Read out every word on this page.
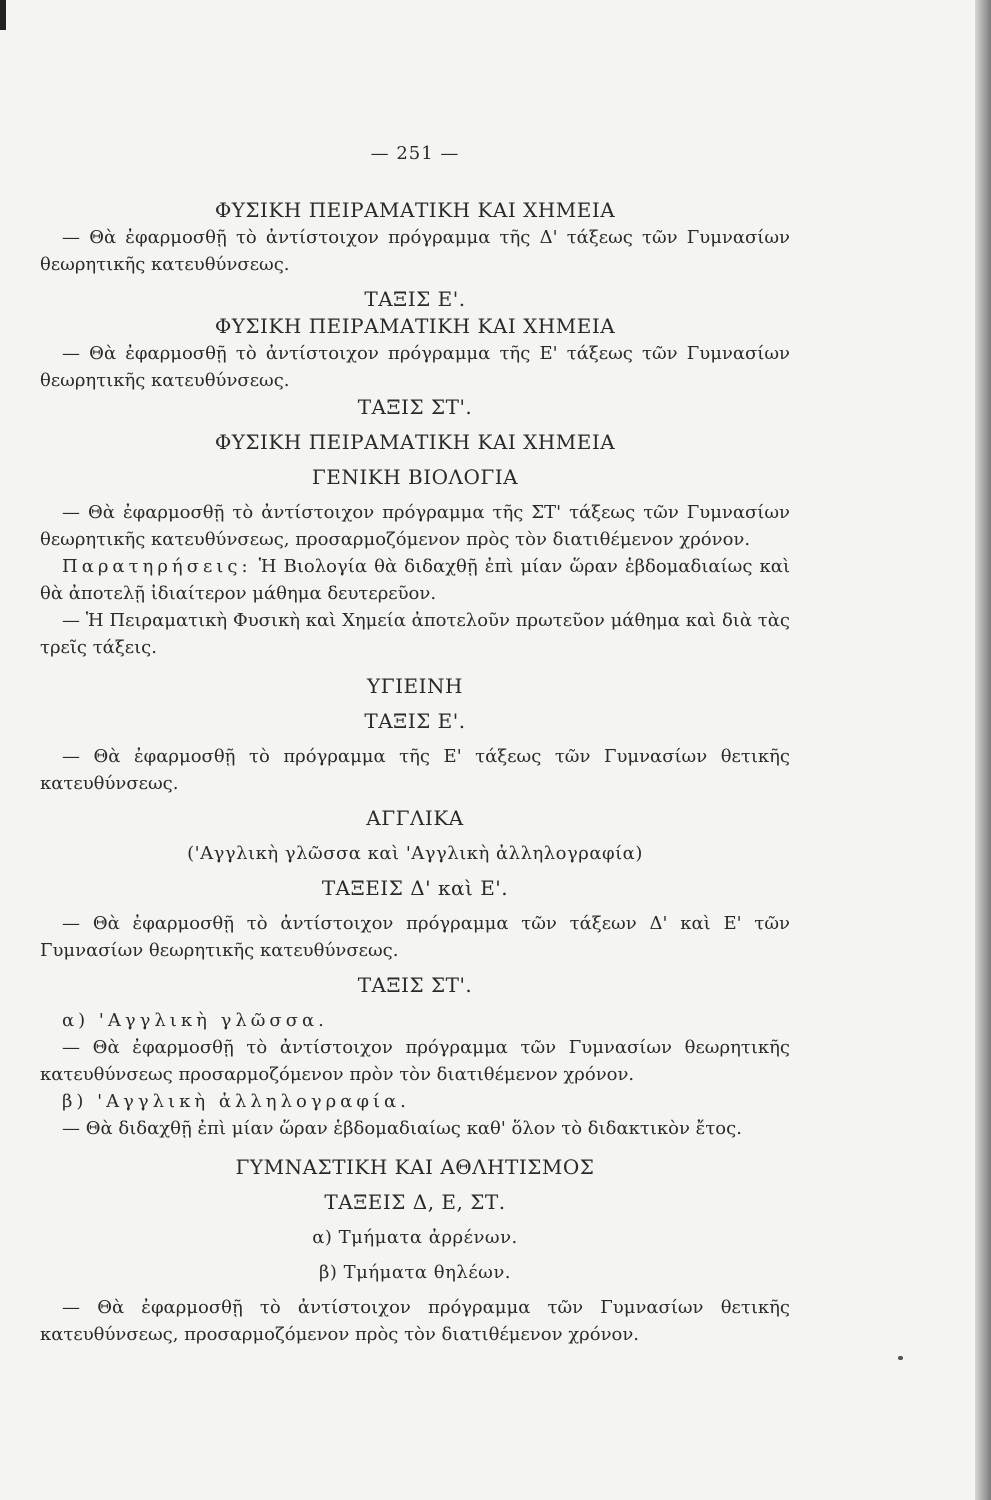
— 251 —

ΦΥΣΙΚΗ ΠΕΙΡΑΜΑΤΙΚΗ ΚΑΙ ΧΗΜΕΙΑ

— Θὰ ἐφαρμοσθῇ τὸ ἀντίστοιχον πρόγραμμα τῆς Δ' τάξεως τῶν Γυμνασίων θεωρητικῆς κατευθύνσεως.

ΤΑΞΙΣ Ε'.

ΦΥΣΙΚΗ ΠΕΙΡΑΜΑΤΙΚΗ ΚΑΙ ΧΗΜΕΙΑ

— Θὰ ἐφαρμοσθῇ τὸ ἀντίστοιχον πρόγραμμα τῆς Ε' τάξεως τῶν Γυμνασίων θεωρητικῆς κατευθύνσεως.

ΤΑΞΙΣ ΣΤ'.

ΦΥΣΙΚΗ ΠΕΙΡΑΜΑΤΙΚΗ ΚΑΙ ΧΗΜΕΙΑ

ΓΕΝΙΚΗ ΒΙΟΛΟΓΙΑ

— Θὰ ἐφαρμοσθῇ τὸ ἀντίστοιχον πρόγραμμα τῆς ΣΤ' τάξεως τῶν Γυμνασίων θεωρητικῆς κατευθύνσεως, προσαρμοζόμενον πρὸς τὸν διατιθέμενον χρόνον.

Παρατηρήσεις: Ἡ Βιολογία θὰ διδαχθῇ ἐπὶ μίαν ὥραν ἑβδομαδιαίως καὶ θὰ ἀποτελῇ ἰδιαίτερον μάθημα δευτερεῦον.

— Ἡ Πειραματικὴ Φυσικὴ καὶ Χημεία ἀποτελοῦν πρωτεῦον μάθημα καὶ διὰ τὰς τρεῖς τάξεις.

ΥΓΙΕΙΝΗ

ΤΑΞΙΣ Ε'.

— Θὰ ἐφαρμοσθῇ τὸ πρόγραμμα τῆς Ε' τάξεως τῶν Γυμνασίων θετικῆς κατευθύνσεως.

ΑΓΓΛΙΚΑ

('Αγγλικὴ γλῶσσα καὶ 'Αγγλικὴ ἀλληλογραφία)

ΤΑΞΕΙΣ Δ' καὶ Ε'.

— Θὰ ἐφαρμοσθῇ τὸ ἀντίστοιχον πρόγραμμα τῶν τάξεων Δ' καὶ Ε' τῶν Γυμνασίων θεωρητικῆς κατευθύνσεως.

ΤΑΞΙΣ ΣΤ'.

α) 'Αγγλικὴ γλῶσσα.

— Θὰ ἐφαρμοσθῇ τὸ ἀντίστοιχον πρόγραμμα τῶν Γυμνασίων θεωρητικῆς κατευθύνσεως προσαρμοζόμενον πρὸν τὸν διατιθέμενον χρόνον.

β) 'Αγγλικὴ ἀλληλογραφία.

— Θὰ διδαχθῇ ἐπὶ μίαν ὥραν ἑβδομαδιαίως καθ' ὅλον τὸ διδακτικὸν ἔτος.

ΓΥΜΝΑΣΤΙΚΗ ΚΑΙ ΑΘΛΗΤΙΣΜΟΣ

ΤΑΞΕΙΣ Δ, Ε, ΣΤ.

α) Τμήματα ἀρρένων.

β) Τμήματα θηλέων.

— Θὰ ἐφαρμοσθῇ τὸ ἀντίστοιχον πρόγραμμα τῶν Γυμνασίων θετικῆς κατευθύνσεως, προσαρμοζόμενον πρὸς τὸν διατιθέμενον χρόνον.
